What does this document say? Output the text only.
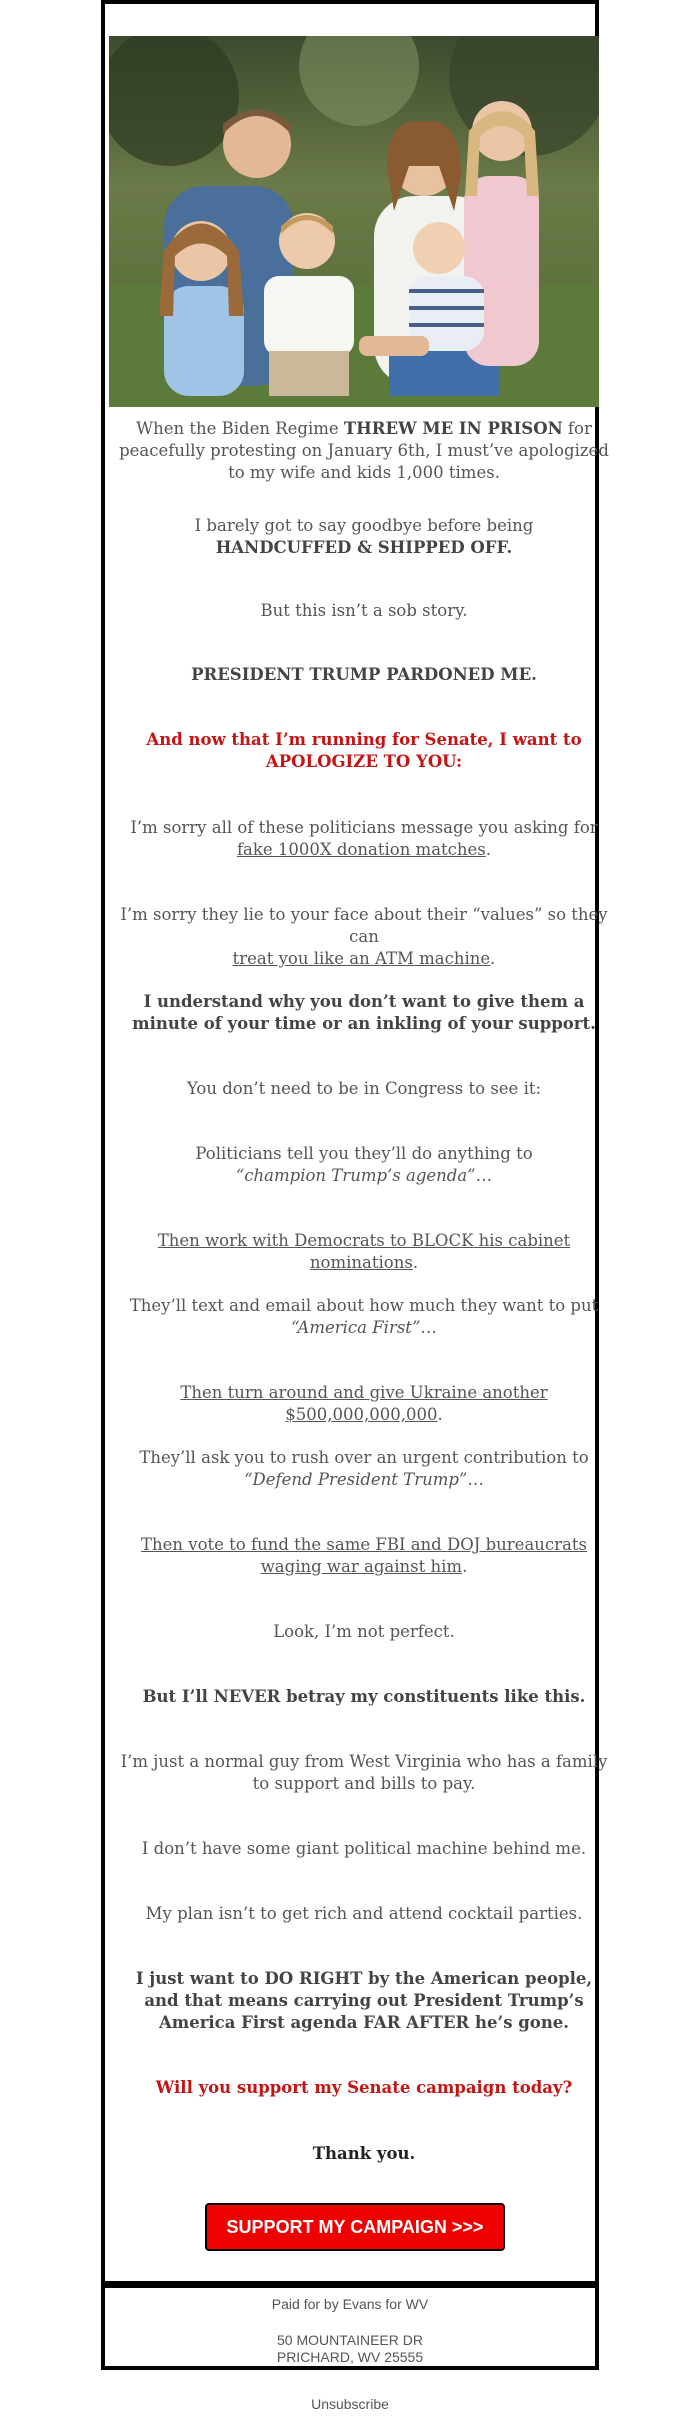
When the Biden Regime THREW ME IN PRISON for peacefully protesting on January 6th, I must’ve apologized to my wife and kids 1,000 times.

I barely got to say goodbye before being
HANDCUFFED & SHIPPED OFF.

But this isn’t a sob story.

PRESIDENT TRUMP PARDONED ME.

And now that I’m running for Senate, I want to
APOLOGIZE TO YOU:

I’m sorry all of these politicians message you asking for
fake 1000X donation matches.

I’m sorry they lie to your face about their “values” so they can
treat you like an ATM machine.

I understand why you don’t want to give them a minute of your time or an inkling of your support.

You don’t need to be in Congress to see it:

Politicians tell you they’ll do anything to
“champion Trump’s agenda”…

Then work with Democrats to BLOCK his cabinet nominations.

They’ll text and email about how much they want to put
“America First”…

Then turn around and give Ukraine another $500,000,000,000.

They’ll ask you to rush over an urgent contribution to
“Defend President Trump”…

Then vote to fund the same FBI and DOJ bureaucrats
waging war against him.

Look, I’m not perfect.

But I’ll NEVER betray my constituents like this.

I’m just a normal guy from West Virginia who has a family to support and bills to pay.

I don’t have some giant political machine behind me.

My plan isn’t to get rich and attend cocktail parties.

I just want to DO RIGHT by the American people, and that means carrying out President Trump’s America First agenda FAR AFTER he’s gone.

Will you support my Senate campaign today?

Thank you.

SUPPORT MY CAMPAIGN >>>
Paid for by Evans for WV
50 MOUNTAINEER DR
PRICHARD, WV 25555
Unsubscribe
